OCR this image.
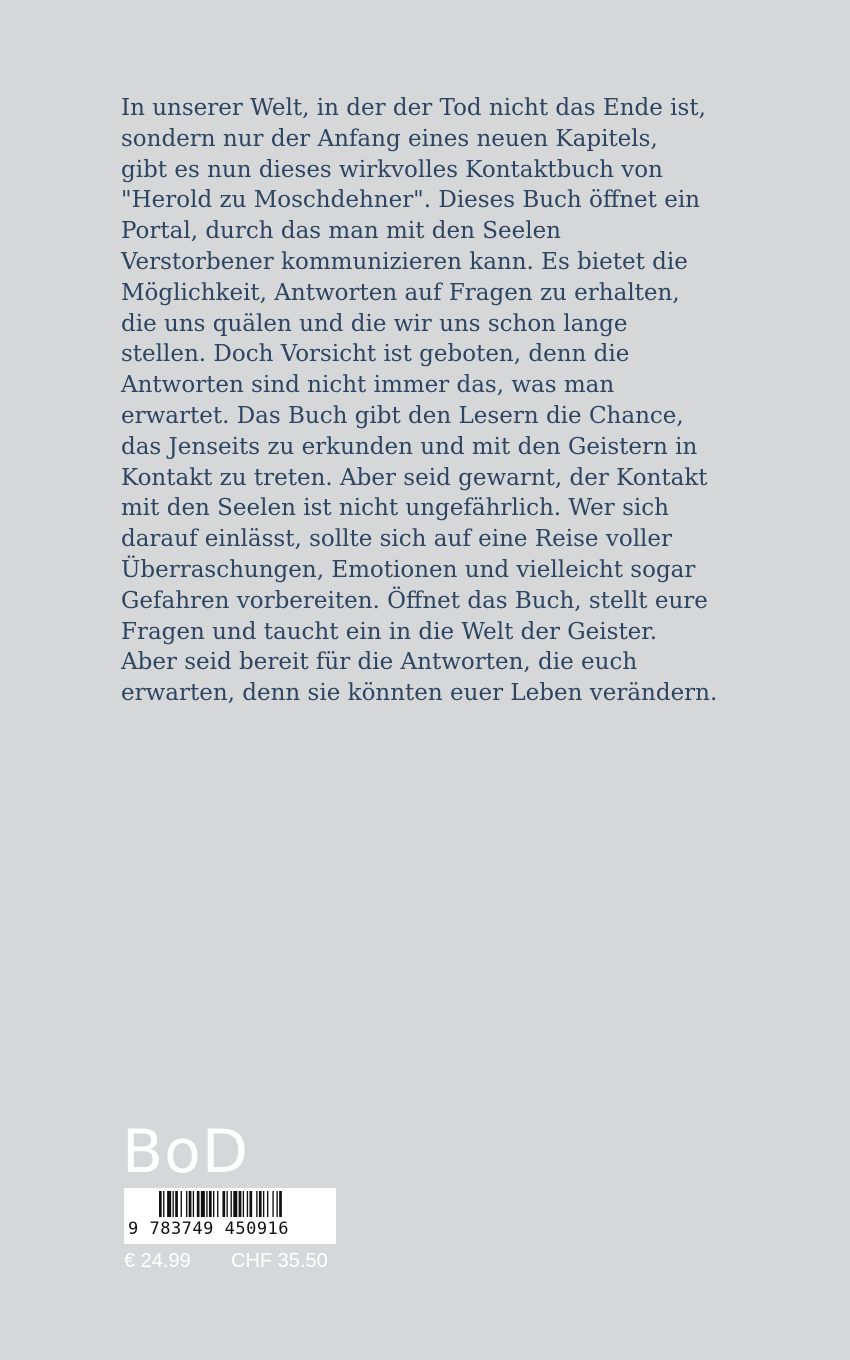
In unserer Welt, in der der Tod nicht das Ende ist,
sondern nur der Anfang eines neuen Kapitels,
gibt es nun dieses wirkvolles Kontaktbuch von
"Herold zu Moschdehner". Dieses Buch öffnet ein
Portal, durch das man mit den Seelen
Verstorbener kommunizieren kann. Es bietet die
Möglichkeit, Antworten auf Fragen zu erhalten,
die uns quälen und die wir uns schon lange
stellen. Doch Vorsicht ist geboten, denn die
Antworten sind nicht immer das, was man
erwartet. Das Buch gibt den Lesern die Chance,
das Jenseits zu erkunden und mit den Geistern in
Kontakt zu treten. Aber seid gewarnt, der Kontakt
mit den Seelen ist nicht ungefährlich. Wer sich
darauf einlässt, sollte sich auf eine Reise voller
Überraschungen, Emotionen und vielleicht sogar
Gefahren vorbereiten. Öffnet das Buch, stellt eure
Fragen und taucht ein in die Welt der Geister.
Aber seid bereit für die Antworten, die euch
erwarten, denn sie könnten euer Leben verändern.
BoD
9 783749 450916
€ 24.99 CHF 35.50
